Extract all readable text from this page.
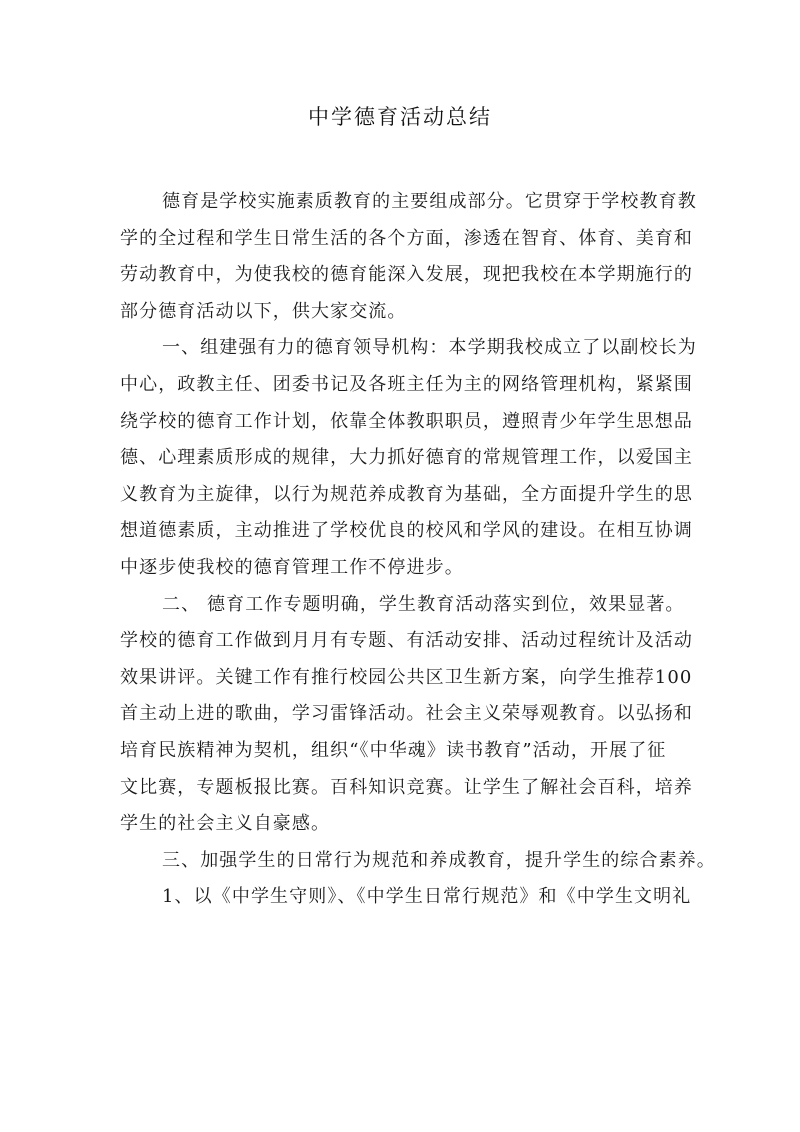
中学德育活动总结

德育是学校实施素质教育的主要组成部分。它贯穿于学校教育教
学的全过程和学生日常生活的各个方面，渗透在智育、体育、美育和
劳动教育中，为使我校的德育能深入发展，现把我校在本学期施行的
部分德育活动以下，供大家交流。

一、组建强有力的德育领导机构：本学期我校成立了以副校长为
中心，政教主任、团委书记及各班主任为主的网络管理机构，紧紧围
绕学校的德育工作计划，依靠全体教职职员，遵照青少年学生思想品
德、心理素质形成的规律，大力抓好德育的常规管理工作，以爱国主
义教育为主旋律，以行为规范养成教育为基础，全方面提升学生的思
想道德素质，主动推进了学校优良的校风和学风的建设。在相互协调
中逐步使我校的德育管理工作不停进步。

二、 德育工作专题明确，学生教育活动落实到位，效果显著。
学校的德育工作做到月月有专题、有活动安排、活动过程统计及活动
效果讲评。关键工作有推行校园公共区卫生新方案，向学生推荐100
首主动上进的歌曲，学习雷锋活动。社会主义荣辱观教育。以弘扬和
培育民族精神为契机，组织“《中华魂》读书教育”活动，开展了征
文比赛，专题板报比赛。百科知识竞赛。让学生了解社会百科，培养
学生的社会主义自豪感。

三、加强学生的日常行为规范和养成教育，提升学生的综合素养。

1、以《中学生守则》、《中学生日常行规范》和《中学生文明礼
